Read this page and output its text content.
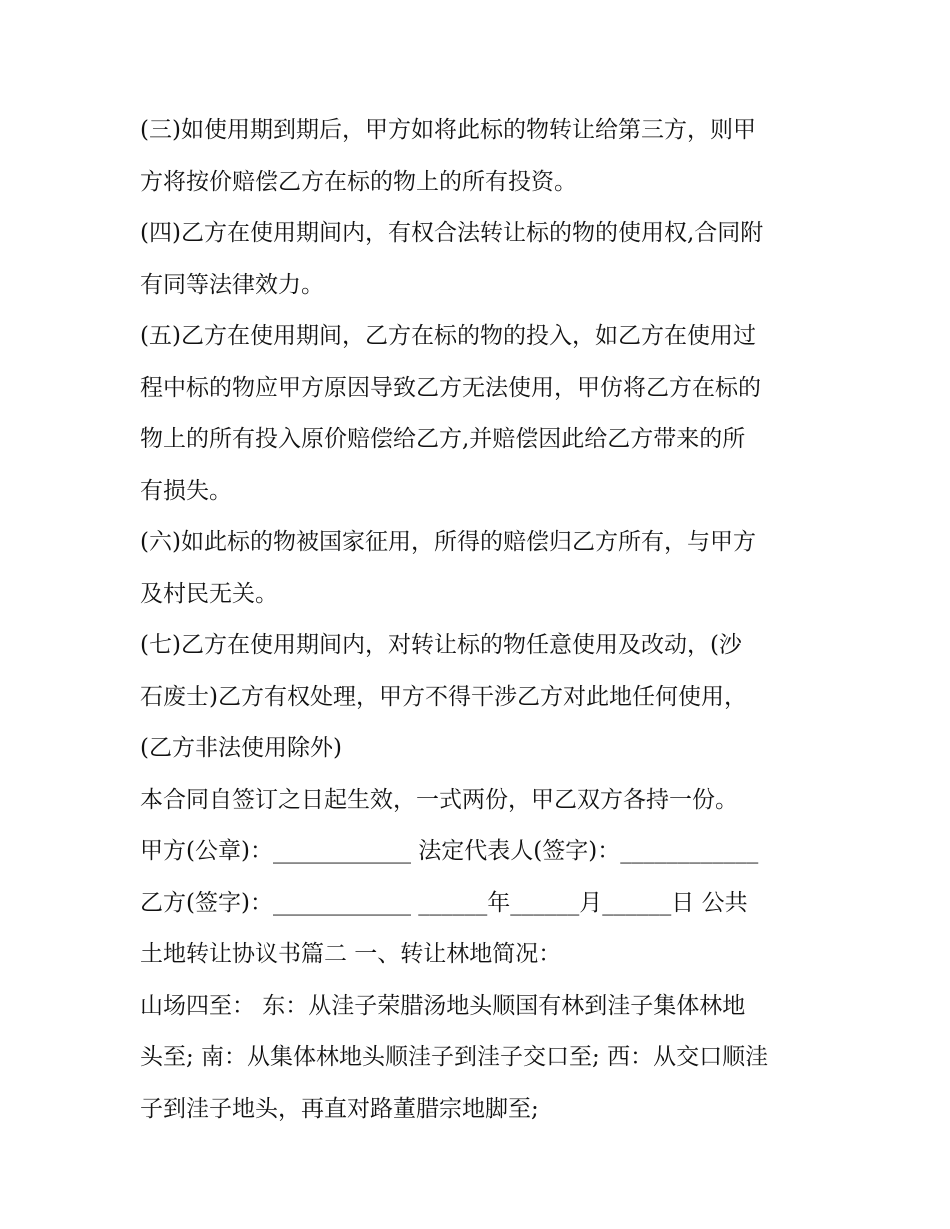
(三)如使用期到期后，甲方如将此标的物转让给第三方，则甲
方将按价赔偿乙方在标的物上的所有投资。
(四)乙方在使用期间内，有权合法转让标的物的使用权,合同附
有同等法律效力。
(五)乙方在使用期间，乙方在标的物的投入，如乙方在使用过
程中标的物应甲方原因导致乙方无法使用，甲仿将乙方在标的
物上的所有投入原价赔偿给乙方,并赔偿因此给乙方带来的所
有损失。
(六)如此标的物被国家征用，所得的赔偿归乙方所有，与甲方
及村民无关。
(七)乙方在使用期间内，对转让标的物任意使用及改动，(沙
石废士)乙方有权处理，甲方不得干涉乙方对此地任何使用，
(乙方非法使用除外)
本合同自签订之日起生效，一式两份，甲乙双方各持一份。
甲方(公章)：____________ 法定代表人(签字)：____________
乙方(签字)：____________ ______年______月______日 公共
土地转让协议书篇二 一、转让林地简况：
山场四至： 东：从洼子荣腊汤地头顺国有林到洼子集体林地
头至; 南：从集体林地头顺洼子到洼子交口至; 西：从交口顺洼
子到洼子地头，再直对路董腊宗地脚至;
